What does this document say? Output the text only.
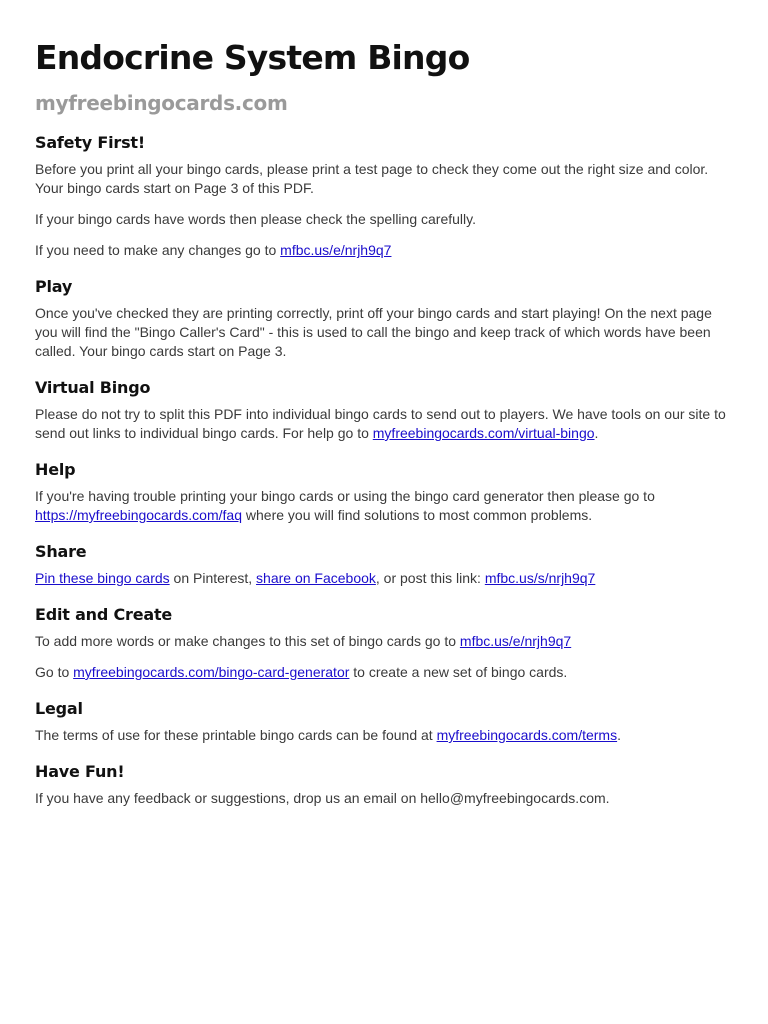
Endocrine System Bingo
myfreebingocards.com
Safety First!

Before you print all your bingo cards, please print a test page to check they come out the right size and color. Your bingo cards start on Page 3 of this PDF.

If your bingo cards have words then please check the spelling carefully.

If you need to make any changes go to mfbc.us/e/nrjh9q7

Play

Once you've checked they are printing correctly, print off your bingo cards and start playing! On the next page you will find the "Bingo Caller's Card" - this is used to call the bingo and keep track of which words have been called. Your bingo cards start on Page 3.

Virtual Bingo

Please do not try to split this PDF into individual bingo cards to send out to players. We have tools on our site to send out links to individual bingo cards. For help go to myfreebingocards.com/virtual-bingo.

Help

If you're having trouble printing your bingo cards or using the bingo card generator then please go to https://myfreebingocards.com/faq where you will find solutions to most common problems.

Share

Pin these bingo cards on Pinterest, share on Facebook, or post this link: mfbc.us/s/nrjh9q7

Edit and Create

To add more words or make changes to this set of bingo cards go to mfbc.us/e/nrjh9q7

Go to myfreebingocards.com/bingo-card-generator to create a new set of bingo cards.

Legal

The terms of use for these printable bingo cards can be found at myfreebingocards.com/terms.

Have Fun!

If you have any feedback or suggestions, drop us an email on hello@myfreebingocards.com.
